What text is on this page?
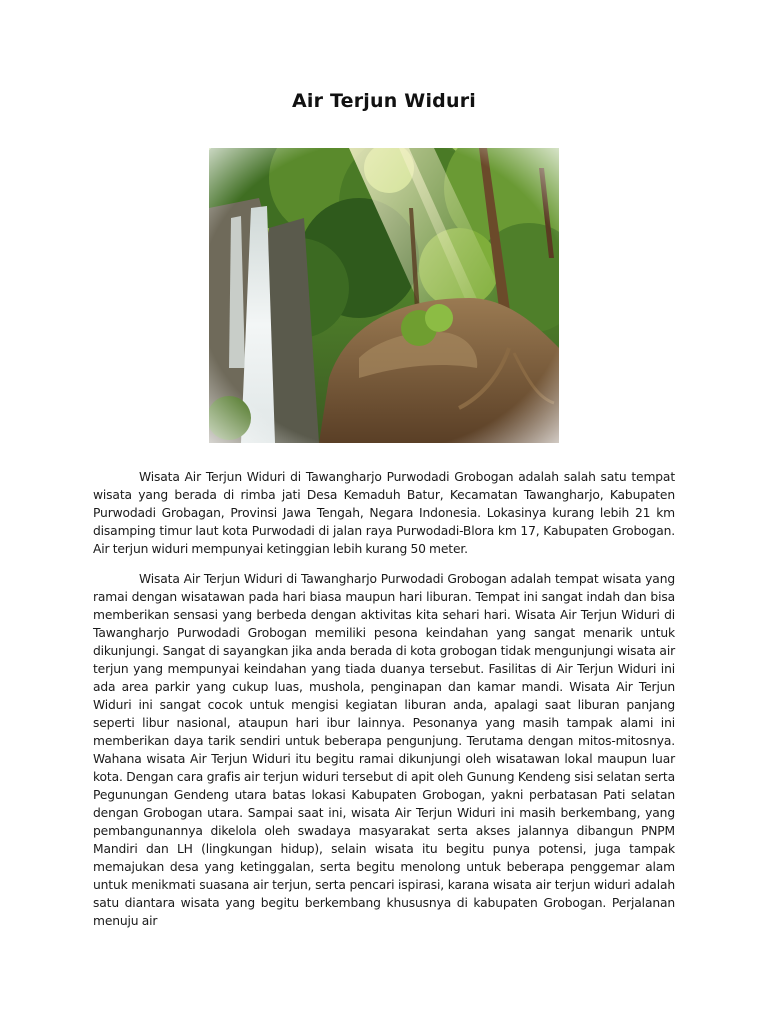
Air Terjun Widuri

Wisata Air Terjun Widuri di Tawangharjo Purwodadi Grobogan adalah salah satu tempat wisata yang berada di rimba jati Desa Kemaduh Batur, Kecamatan Tawangharjo, Kabupaten Purwodadi Grobagan, Provinsi Jawa Tengah, Negara Indonesia. Lokasinya kurang lebih 21 km disamping timur laut kota Purwodadi di jalan raya Purwodadi-Blora km 17, Kabupaten Grobogan. Air terjun widuri mempunyai ketinggian lebih kurang 50 meter.

Wisata Air Terjun Widuri di Tawangharjo Purwodadi Grobogan adalah tempat wisata yang ramai dengan wisatawan pada hari biasa maupun hari liburan. Tempat ini sangat indah dan bisa memberikan sensasi yang berbeda dengan aktivitas kita sehari hari. Wisata Air Terjun Widuri di Tawangharjo Purwodadi Grobogan memiliki pesona keindahan yang sangat menarik untuk dikunjungi. Sangat di sayangkan jika anda berada di kota grobogan tidak mengunjungi wisata air terjun yang mempunyai keindahan yang tiada duanya tersebut. Fasilitas di Air Terjun Widuri ini ada area parkir yang cukup luas, mushola, penginapan dan kamar mandi. Wisata Air Terjun Widuri ini sangat cocok untuk mengisi kegiatan liburan anda, apalagi saat liburan panjang seperti libur nasional, ataupun hari ibur lainnya. Pesonanya yang masih tampak alami ini memberikan daya tarik sendiri untuk beberapa pengunjung. Terutama dengan mitos-mitosnya. Wahana wisata Air Terjun Widuri itu begitu ramai dikunjungi oleh wisatawan lokal maupun luar kota. Dengan cara grafis air terjun widuri tersebut di apit oleh Gunung Kendeng sisi selatan serta Pegunungan Gendeng utara batas lokasi Kabupaten Grobogan, yakni perbatasan Pati selatan dengan Grobogan utara. Sampai saat ini, wisata Air Terjun Widuri ini masih berkembang, yang pembangunannya dikelola oleh swadaya masyarakat serta akses jalannya dibangun PNPM Mandiri dan LH (lingkungan hidup), selain wisata itu begitu punya potensi, juga tampak memajukan desa yang ketinggalan, serta begitu menolong untuk beberapa penggemar alam untuk menikmati suasana air terjun, serta pencari ispirasi, karana wisata air terjun widuri adalah satu diantara wisata yang begitu berkembang khususnya di kabupaten Grobogan. Perjalanan menuju air
